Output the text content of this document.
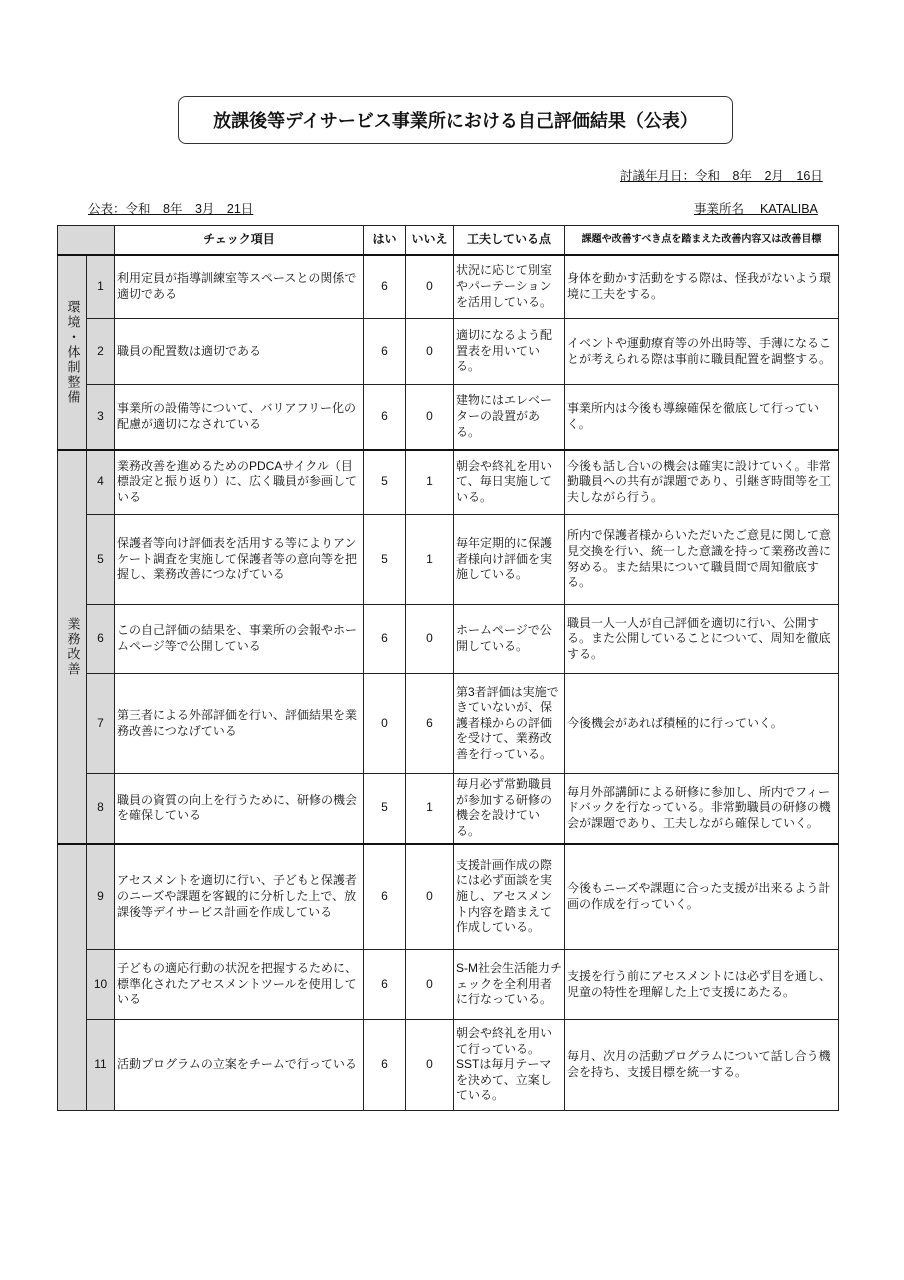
放課後等デイサービス事業所における自己評価結果（公表）
討議年月日：令和　8年　2月　16日
公表：令和　8年　3月　21日	事業所名　 KATALIBA
		チェック項目	はい	いいえ	工夫している点	課題や改善すべき点を踏まえた改善内容又は改善目標
環境・体制整備	1	利用定員が指導訓練室等スペースとの関係で適切である	6	0	状況に応じて別室やパーテーションを活用している。	身体を動かす活動をする際は、怪我がないよう環境に工夫をする。
	2	職員の配置数は適切である	6	0	適切になるよう配置表を用いている。	イベントや運動療育等の外出時等、手薄になることが考えられる際は事前に職員配置を調整する。
	3	事業所の設備等について、バリアフリー化の配慮が適切になされている	6	0	建物にはエレベーターの設置がある。	事業所内は今後も導線確保を徹底して行っていく。
業務改善	4	業務改善を進めるためのPDCAサイクル（目標設定と振り返り）に、広く職員が参画している	5	1	朝会や終礼を用いて、毎日実施している。	今後も話し合いの機会は確実に設けていく。非常勤職員への共有が課題であり、引継ぎ時間等を工夫しながら行う。
	5	保護者等向け評価表を活用する等によりアンケート調査を実施して保護者等の意向等を把握し、業務改善につなげている	5	1	毎年定期的に保護者様向け評価を実施している。	所内で保護者様からいただいたご意見に関して意見交換を行い、統一した意識を持って業務改善に努める。また結果について職員間で周知徹底する。
	6	この自己評価の結果を、事業所の会報やホームページ等で公開している	6	0	ホームページで公開している。	職員一人一人が自己評価を適切に行い、公開する。また公開していることについて、周知を徹底する。
	7	第三者による外部評価を行い、評価結果を業務改善につなげている	0	6	第3者評価は実施できていないが、保護者様からの評価を受けて、業務改善を行っている。	今後機会があれば積極的に行っていく。
	8	職員の資質の向上を行うために、研修の機会を確保している	5	1	毎月必ず常勤職員が参加する研修の機会を設けている。	毎月外部講師による研修に参加し、所内でフィードバックを行なっている。非常勤職員の研修の機会が課題であり、工夫しながら確保していく。
	9	アセスメントを適切に行い、子どもと保護者のニーズや課題を客観的に分析した上で、放課後等デイサービス計画を作成している	6	0	支援計画作成の際には必ず面談を実施し、アセスメント内容を踏まえて作成している。	今後もニーズや課題に合った支援が出来るよう計画の作成を行っていく。
	10	子どもの適応行動の状況を把握するために、標準化されたアセスメントツールを使用している	6	0	S-M社会生活能力チェックを全利用者に行なっている。	支援を行う前にアセスメントには必ず目を通し、児童の特性を理解した上で支援にあたる。
	11	活動プログラムの立案をチームで行っている	6	0	朝会や終礼を用いて行っている。SSTは毎月テーマを決めて、立案している。	毎月、次月の活動プログラムについて話し合う機会を持ち、支援目標を統一する。
